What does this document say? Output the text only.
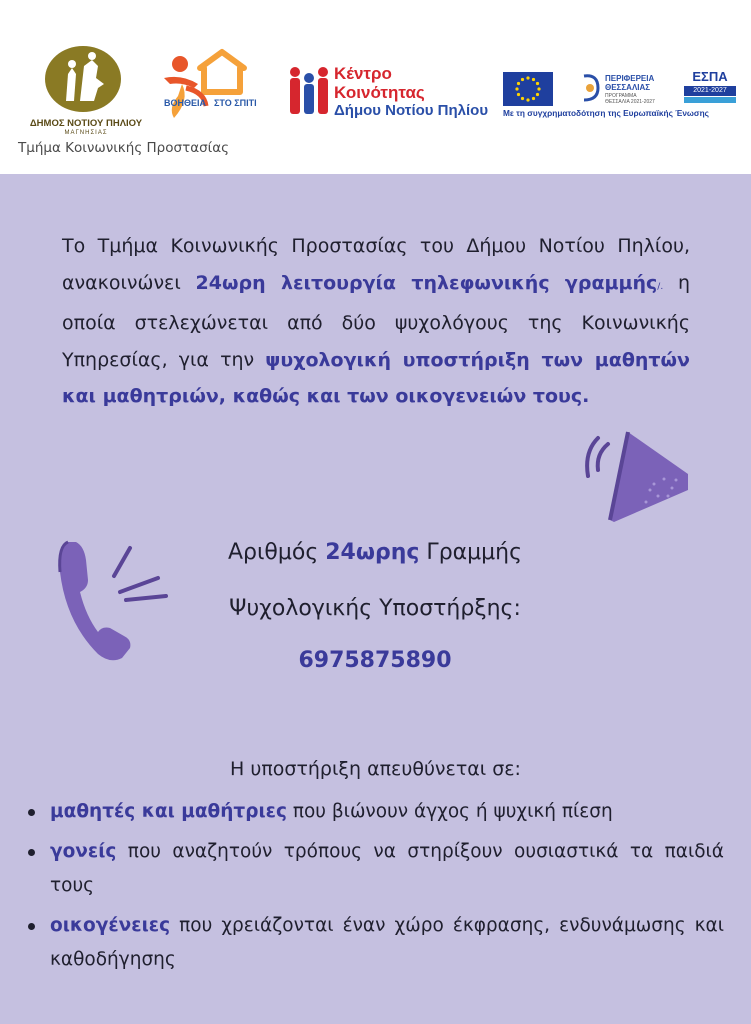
ΔΗΜΟΣ ΝΟΤΙΟΥ ΠΗΛΙΟΥ
ΜΑΓΝΗΣΙΑΣ
Τμήμα Κοινωνικής Προστασίας
ΒΟΗΘΕΙΑ ΣΤΟ ΣΠΙΤΙ
Κέντρο
Κοινότητας
Δήμου Νοτίου Πηλίου
ΠΕΡΙΦΕΡΕΙΑ
ΘΕΣΣΑΛΙΑΣ
ΠΡΟΓΡΑΜΜΑ
ΘΕΣΣΑΛΙΑ 2021-2027
ΕΣΠΑ
2021-2027
Με τη συγχρηματοδότηση της Ευρωπαϊκής Ένωσης

Το Τμήμα Κοινωνικής Προστασίας του Δήμου Νοτίου Πηλίου, ανακοινώνει 24ωρη λειτουργία τηλεφωνικής γραμμής/. η οποία στελεχώνεται από δύο ψυχολόγους της Κοινωνικής Υπηρεσίας, για την ψυχολογική υποστήριξη των μαθητών και μαθητριών, καθώς και των οικογενειών τους.

Αριθμός 24ωρης Γραμμής
Ψυχολογικής Υποστήρξης:
6975875890
Η υποστήριξη απευθύνεται σε:
μαθητές και μαθήτριες που βιώνουν άγχος ή ψυχική πίεση
γονείς που αναζητούν τρόπους να στηρίξουν ουσιαστικά τα παιδιά τους
οικογένειες που χρειάζονται έναν χώρο έκφρασης, ενδυνάμωσης και καθοδήγησης
